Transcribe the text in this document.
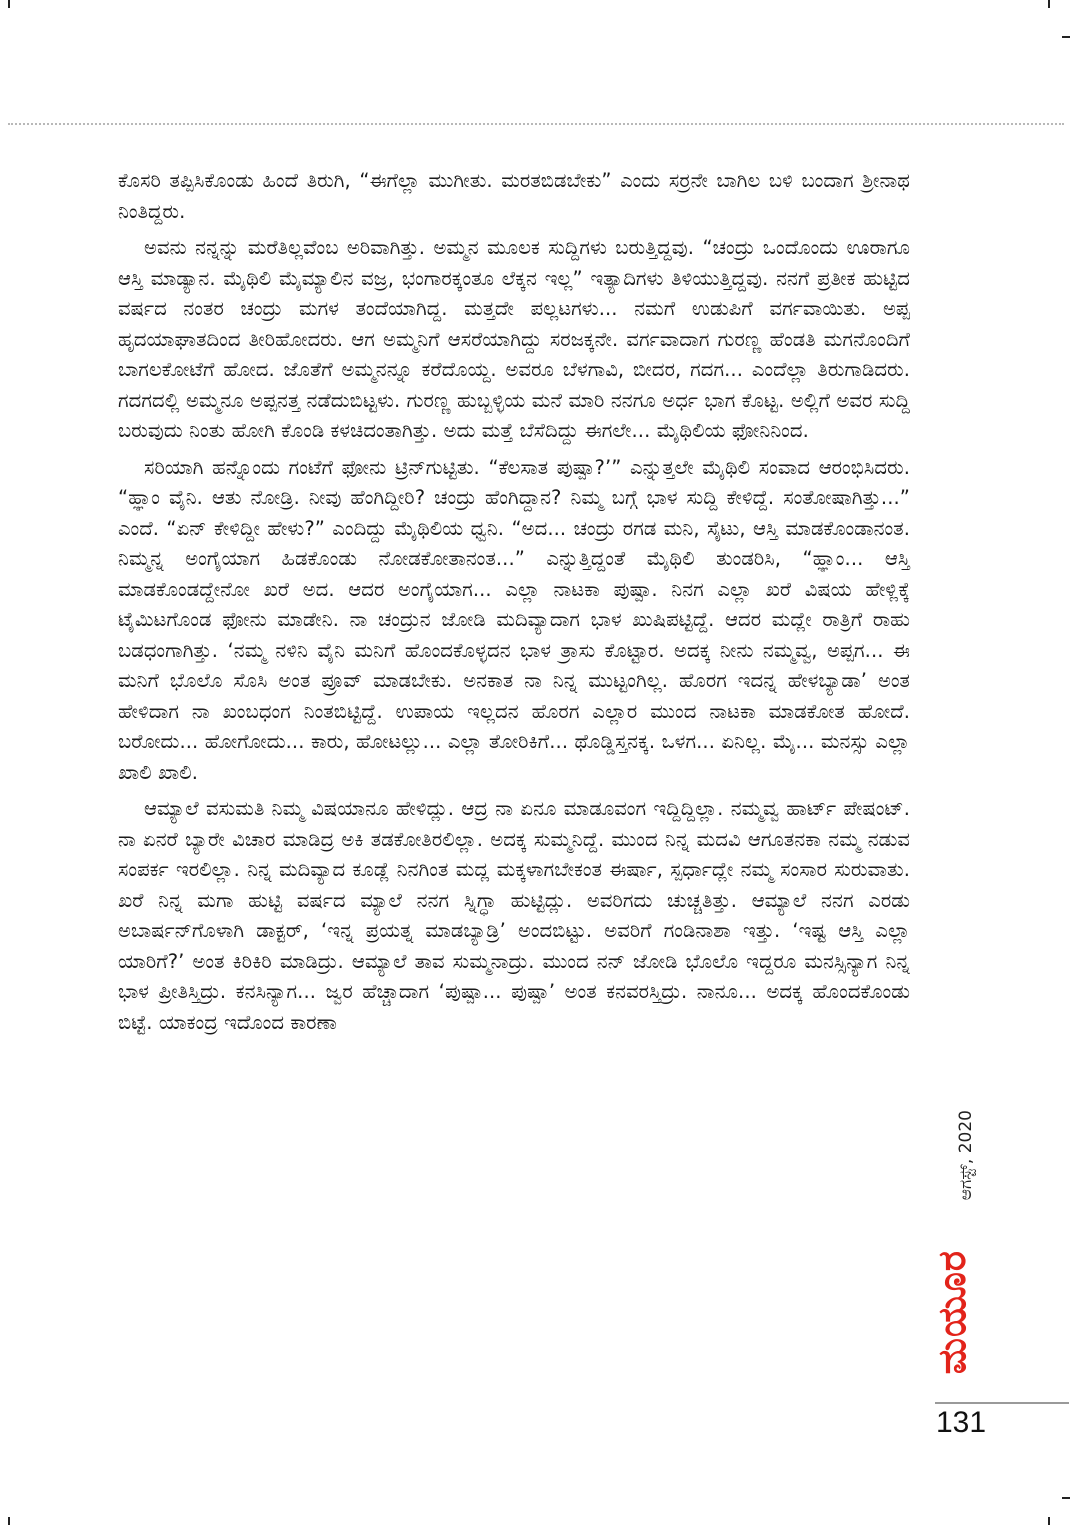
ಕೊಸರಿ ತಪ್ಪಿಸಿಕೊಂಡು ಹಿಂದೆ ತಿರುಗಿ, “ಈಗೆಲ್ಲಾ ಮುಗೀತು. ಮರತಬಿಡಬೇಕು” ಎಂದು ಸರ‍್ರನೇ ಬಾಗಿಲ ಬಳಿ ಬಂದಾಗ ಶ್ರೀನಾಥ ನಿಂತಿದ್ದರು.

ಅವನು ನನ್ನನ್ನು ಮರೆತಿಲ್ಲವೆಂಬ ಅರಿವಾಗಿತ್ತು. ಅಮ್ಮನ ಮೂಲಕ ಸುದ್ದಿಗಳು ಬರುತ್ತಿದ್ದವು. “ಚಂದ್ರು ಒಂದೊಂದು ಊರಾಗೂ ಆಸ್ತಿ ಮಾಡ್ಯಾನ. ಮೈಥಿಲಿ ಮೈಮ್ಯಾಲಿನ ವಜ್ರ, ಭಂಗಾರಕ್ಕಂತೂ ಲೆಕ್ಕನ ಇಲ್ಲ” ಇತ್ಯಾದಿಗಳು ತಿಳಿಯುತ್ತಿದ್ದವು. ನನಗೆ ಪ್ರತೀಕ ಹುಟ್ಟಿದ ವರ್ಷದ ನಂತರ ಚಂದ್ರು ಮಗಳ ತಂದೆಯಾಗಿದ್ದ. ಮತ್ತದೇ ಪಲ್ಲಟಗಳು... ನಮಗೆ ಉಡುಪಿಗೆ ವರ್ಗವಾಯಿತು. ಅಪ್ಪ ಹೃದಯಾಘಾತದಿಂದ ತೀರಿಹೋದರು. ಆಗ ಅಮ್ಮನಿಗೆ ಆಸರೆಯಾಗಿದ್ದು ಸರಜಕ್ಕನೇ. ವರ್ಗವಾದಾಗ ಗುರಣ್ಣ ಹೆಂಡತಿ ಮಗನೊಂದಿಗೆ ಬಾಗಲಕೋಟೆಗೆ ಹೋದ. ಜೊತೆಗೆ ಅಮ್ಮನನ್ನೂ ಕರೆದೊಯ್ದ. ಅವರೂ ಬೆಳಗಾವಿ, ಬೀದರ, ಗದಗ... ಎಂದೆಲ್ಲಾ ತಿರುಗಾಡಿದರು. ಗದಗದಲ್ಲಿ ಅಮ್ಮನೂ ಅಪ್ಪನತ್ತ ನಡೆದುಬಿಟ್ಟಳು. ಗುರಣ್ಣ ಹುಬ್ಬಳ್ಳಿಯ ಮನೆ ಮಾರಿ ನನಗೂ ಅರ್ಧ ಭಾಗ ಕೊಟ್ಟ. ಅಲ್ಲಿಗೆ ಅವರ ಸುದ್ದಿ ಬರುವುದು ನಿಂತು ಹೋಗಿ ಕೊಂಡಿ ಕಳಚಿದಂತಾಗಿತ್ತು. ಅದು ಮತ್ತೆ ಬೆಸೆದಿದ್ದು ಈಗಲೇ... ಮೈಥಿಲಿಯ ಫೋನಿನಿಂದ.

ಸರಿಯಾಗಿ ಹನ್ನೊಂದು ಗಂಟೆಗೆ ಫೋನು ಟ್ರಿನ್‌ಗುಟ್ಟಿತು. “ಕೆಲಸಾತ ಪುಷ್ಪಾ?’” ಎನ್ನುತ್ತಲೇ ಮೈಥಿಲಿ ಸಂವಾದ ಆರಂಭಿಸಿದರು. “ಹ್ಞಾಂ ವೈನಿ. ಆತು ನೋಡ್ರಿ. ನೀವು ಹೆಂಗಿದ್ದೀರಿ? ಚಂದ್ರು ಹೆಂಗಿದ್ದಾನ? ನಿಮ್ಮ ಬಗ್ಗೆ ಭಾಳ ಸುದ್ದಿ ಕೇಳಿದ್ದೆ. ಸಂತೋಷಾಗಿತ್ತು...” ಎಂದೆ. “ಏನ್ ಕೇಳಿದ್ದೀ ಹೇಳು?” ಎಂದಿದ್ದು ಮೈಥಿಲಿಯ ಧ್ವನಿ. “ಅದ... ಚಂದ್ರು ರಗಡ ಮನಿ, ಸೈಟು, ಆಸ್ತಿ ಮಾಡಕೊಂಡಾನಂತ. ನಿಮ್ಮನ್ನ ಅಂಗೈಯಾಗ ಹಿಡಕೊಂಡು ನೋಡಕೋತಾನಂತ...” ಎನ್ನುತ್ತಿದ್ದಂತೆ ಮೈಥಿಲಿ ತುಂಡರಿಸಿ, “ಹ್ಞಾಂ... ಆಸ್ತಿ ಮಾಡಕೊಂಡದ್ದೇನೋ ಖರೆ ಅದ. ಆದರ ಅಂಗೈಯಾಗ... ಎಲ್ಲಾ ನಾಟಕಾ ಪುಷ್ಪಾ. ನಿನಗ ಎಲ್ಲಾ ಖರೆ ವಿಷಯ ಹೇಳ್ಲಿಕ್ಕೆ ಟೈಮಿಟಗೊಂಡ ಫೋನು ಮಾಡೇನಿ. ನಾ ಚಂದ್ರುನ ಜೋಡಿ ಮದಿವ್ಯಾದಾಗ ಭಾಳ ಖುಷಿಪಟ್ಟಿದ್ದೆ. ಆದರ ಮದ್ಲೇ ರಾತ್ರಿಗೆ ರಾಹು ಬಡಧಂಗಾಗಿತ್ತು. ‘ನಮ್ಮ ನಳಿನಿ ವೈನಿ ಮನಿಗೆ ಹೊಂದಕೊಳ್ಳದನ ಭಾಳ ತ್ರಾಸು ಕೊಟ್ಟಾರ. ಅದಕ್ಕ ನೀನು ನಮ್ಮವ್ವ, ಅಪ್ಪಗ... ಈ ಮನಿಗೆ ಭೊಲೊ ಸೊಸಿ ಅಂತ ಪ್ರೂವ್ ಮಾಡಬೇಕು. ಅನಕಾತ ನಾ ನಿನ್ನ ಮುಟ್ಟಂಗಿಲ್ಲ. ಹೊರಗ ಇದನ್ನ ಹೇಳಬ್ಯಾಡಾ’ ಅಂತ ಹೇಳಿದಾಗ ನಾ ಖಂಬಧಂಗ ನಿಂತಬಿಟ್ಟಿದ್ದೆ. ಉಪಾಯ ಇಲ್ಲದನ ಹೊರಗ ಎಲ್ಲಾರ ಮುಂದ ನಾಟಕಾ ಮಾಡಕೋತ ಹೋದೆ. ಬರೋದು... ಹೋಗೋದು... ಕಾರು, ಹೋಟಲ್ಲು... ಎಲ್ಲಾ ತೋರಿಕಿಗೆ... ಥೊಡ್ಡಿಸ್ತನಕ್ಕ. ಒಳಗ... ಏನಿಲ್ಲ. ಮೈ... ಮನಸ್ಸು ಎಲ್ಲಾ ಖಾಲಿ ಖಾಲಿ.

ಆಮ್ಯಾಲೆ ವಸುಮತಿ ನಿಮ್ಮ ವಿಷಯಾನೂ ಹೇಳಿದ್ಲು. ಆದ್ರ ನಾ ಏನೂ ಮಾಡೂವಂಗ ಇದ್ದಿದ್ದಿಲ್ಲಾ. ನಮ್ಮವ್ವ ಹಾರ್ಟ್ ಪೇಷಂಟ್. ನಾ ಏನರೆ ಬ್ಯಾರೇ ವಿಚಾರ ಮಾಡಿದ್ರ ಅಕಿ ತಡಕೋತಿರಲಿಲ್ಲಾ. ಅದಕ್ಕ ಸುಮ್ಮನಿದ್ದೆ. ಮುಂದ ನಿನ್ನ ಮದವಿ ಆಗೂತನಕಾ ನಮ್ಮ ನಡುವ ಸಂಪರ್ಕ ಇರಲಿಲ್ಲಾ. ನಿನ್ನ ಮದಿವ್ಯಾದ ಕೂಡ್ಲೆ ನಿನಗಿಂತ ಮದ್ಲ ಮಕ್ಕಳಾಗಬೇಕಂತ ಈರ್ಷಾ, ಸ್ಪರ್ಧಾದ್ಲೇ ನಮ್ಮ ಸಂಸಾರ ಸುರುವಾತು. ಖರೆ ನಿನ್ನ ಮಗಾ ಹುಟ್ಟಿ ವರ್ಷದ ಮ್ಯಾಲೆ ನನಗ ಸ್ನಿಗ್ಧಾ ಹುಟ್ಟಿದ್ಲು. ಅವರಿಗದು ಚುಚ್ಚತಿತ್ತು. ಆಮ್ಯಾಲೆ ನನಗ ಎರಡು ಅಬಾರ್ಷನ್‌ಗೊಳಾಗಿ ಡಾಕ್ಟರ್, ‘ಇನ್ನ ಪ್ರಯತ್ನ ಮಾಡಬ್ಯಾಡ್ರಿ’ ಅಂದಬಿಟ್ಟು. ಅವರಿಗೆ ಗಂಡಿನಾಶಾ ಇತ್ತು. ‘ಇಷ್ಟ ಆಸ್ತಿ ಎಲ್ಲಾ ಯಾರಿಗೆ?’ ಅಂತ ಕಿರಿಕಿರಿ ಮಾಡಿದ್ರು. ಆಮ್ಯಾಲೆ ತಾವ ಸುಮ್ಮನಾದ್ರು. ಮುಂದ ನನ್ ಜೋಡಿ ಭೊಲೊ ಇದ್ದರೂ ಮನಸ್ಸಿನ್ಯಾಗ ನಿನ್ನ ಭಾಳ ಪ್ರೀತಿಸ್ತಿದ್ರು. ಕನಸಿನ್ಯಾಗ... ಜ್ವರ ಹೆಚ್ಚಾದಾಗ ‘ಪುಷ್ಪಾ... ಪುಷ್ಪಾ’ ಅಂತ ಕನವರಸ್ತಿದ್ರು. ನಾನೂ... ಅದಕ್ಕ ಹೊಂದಕೊಂಡು ಬಿಟ್ಟೆ. ಯಾಕಂದ್ರ ಇದೊಂದ ಕಾರಣಾ

ಆಗಸ್ಟ್, 2020
ಮಯೂರ
131
